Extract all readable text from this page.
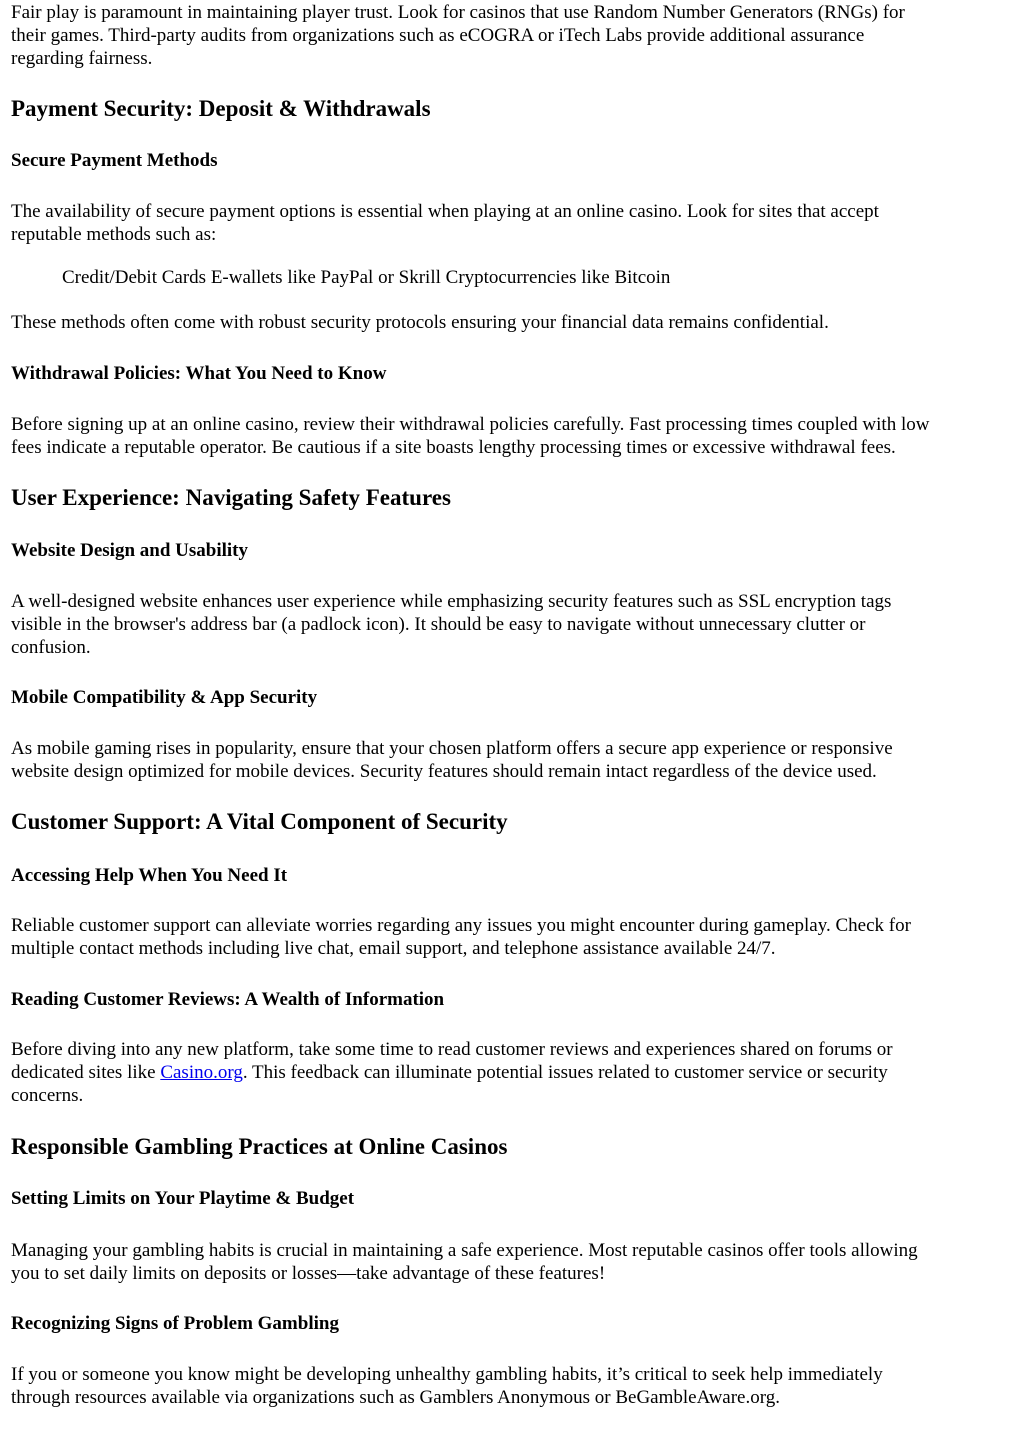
Fair play is paramount in maintaining player trust. Look for casinos that use Random Number Generators (RNGs) for
their games. Third-party audits from organizations such as eCOGRA or iTech Labs provide additional assurance
regarding fairness.

Payment Security: Deposit & Withdrawals
Secure Payment Methods

The availability of secure payment options is essential when playing at an online casino. Look for sites that accept
reputable methods such as:

Credit/Debit Cards E-wallets like PayPal or Skrill Cryptocurrencies like Bitcoin

These methods often come with robust security protocols ensuring your financial data remains confidential.

Withdrawal Policies: What You Need to Know

Before signing up at an online casino, review their withdrawal policies carefully. Fast processing times coupled with low
fees indicate a reputable operator. Be cautious if a site boasts lengthy processing times or excessive withdrawal fees.

User Experience: Navigating Safety Features
Website Design and Usability

A well-designed website enhances user experience while emphasizing security features such as SSL encryption tags
visible in the browser's address bar (a padlock icon). It should be easy to navigate without unnecessary clutter or
confusion.

Mobile Compatibility & App Security

As mobile gaming rises in popularity, ensure that your chosen platform offers a secure app experience or responsive
website design optimized for mobile devices. Security features should remain intact regardless of the device used.

Customer Support: A Vital Component of Security
Accessing Help When You Need It

Reliable customer support can alleviate worries regarding any issues you might encounter during gameplay. Check for
multiple contact methods including live chat, email support, and telephone assistance available 24/7.

Reading Customer Reviews: A Wealth of Information

Before diving into any new platform, take some time to read customer reviews and experiences shared on forums or
dedicated sites like Casino.org. This feedback can illuminate potential issues related to customer service or security
concerns.

Responsible Gambling Practices at Online Casinos
Setting Limits on Your Playtime & Budget

Managing your gambling habits is crucial in maintaining a safe experience. Most reputable casinos offer tools allowing
you to set daily limits on deposits or losses—take advantage of these features!

Recognizing Signs of Problem Gambling

If you or someone you know might be developing unhealthy gambling habits, it’s critical to seek help immediately
through resources available via organizations such as Gamblers Anonymous or BeGambleAware.org.
